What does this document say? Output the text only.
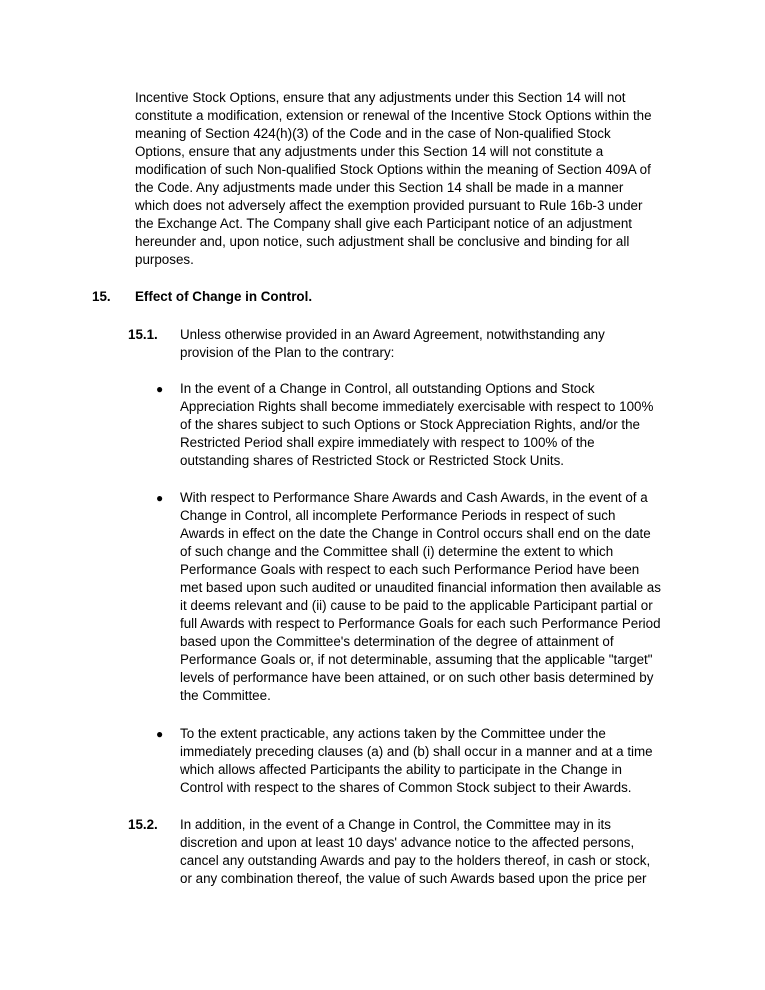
Incentive Stock Options, ensure that any adjustments under this Section 14 will not
constitute a modification, extension or renewal of the Incentive Stock Options within the
meaning of Section 424(h)(3) of the Code and in the case of Non-qualified Stock
Options, ensure that any adjustments under this Section 14 will not constitute a
modification of such Non-qualified Stock Options within the meaning of Section 409A of
the Code. Any adjustments made under this Section 14 shall be made in a manner
which does not adversely affect the exemption provided pursuant to Rule 16b-3 under
the Exchange Act. The Company shall give each Participant notice of an adjustment
hereunder and, upon notice, such adjustment shall be conclusive and binding for all
purposes.
15. Effect of Change in Control.
15.1. Unless otherwise provided in an Award Agreement, notwithstanding any
provision of the Plan to the contrary:
● In the event of a Change in Control, all outstanding Options and Stock
Appreciation Rights shall become immediately exercisable with respect to 100%
of the shares subject to such Options or Stock Appreciation Rights, and/or the
Restricted Period shall expire immediately with respect to 100% of the
outstanding shares of Restricted Stock or Restricted Stock Units.
● With respect to Performance Share Awards and Cash Awards, in the event of a
Change in Control, all incomplete Performance Periods in respect of such
Awards in effect on the date the Change in Control occurs shall end on the date
of such change and the Committee shall (i) determine the extent to which
Performance Goals with respect to each such Performance Period have been
met based upon such audited or unaudited financial information then available as
it deems relevant and (ii) cause to be paid to the applicable Participant partial or
full Awards with respect to Performance Goals for each such Performance Period
based upon the Committee's determination of the degree of attainment of
Performance Goals or, if not determinable, assuming that the applicable "target"
levels of performance have been attained, or on such other basis determined by
the Committee.
● To the extent practicable, any actions taken by the Committee under the
immediately preceding clauses (a) and (b) shall occur in a manner and at a time
which allows affected Participants the ability to participate in the Change in
Control with respect to the shares of Common Stock subject to their Awards.
15.2. In addition, in the event of a Change in Control, the Committee may in its
discretion and upon at least 10 days' advance notice to the affected persons,
cancel any outstanding Awards and pay to the holders thereof, in cash or stock,
or any combination thereof, the value of such Awards based upon the price per
